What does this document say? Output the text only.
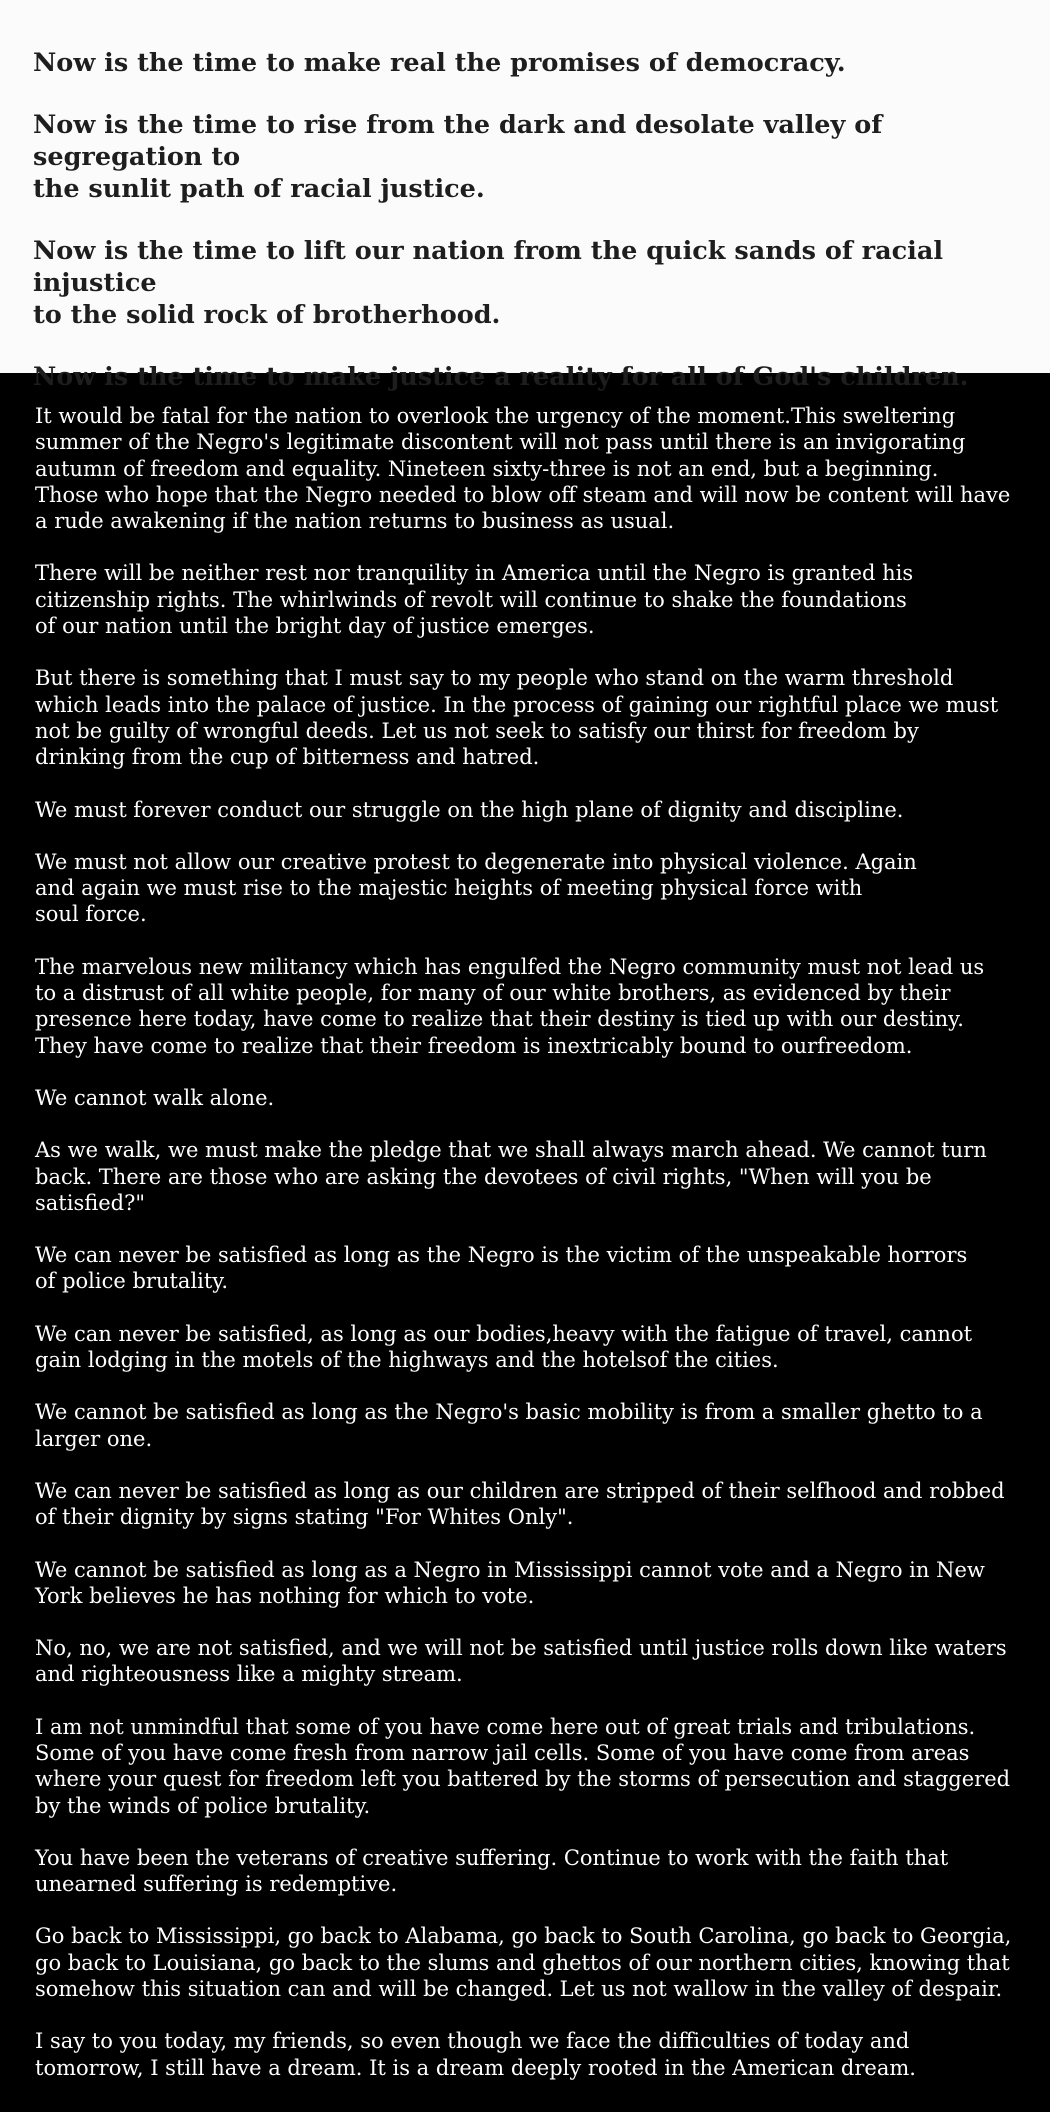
Now is the time to make real the promises of democracy.

Now is the time to rise from the dark and desolate valley of segregation to
the sunlit path of racial justice.

Now is the time to lift our nation from the quick sands of racial injustice
to the solid rock of brotherhood.

Now is the time to make justice a reality for all of God's children.

It would be fatal for the nation to overlook the urgency of the moment.This sweltering
summer of the Negro's legitimate discontent will not pass until there is an invigorating
autumn of freedom and equality. Nineteen sixty-three is not an end, but a beginning.
Those who hope that the Negro needed to blow off steam and will now be content will have
a rude awakening if the nation returns to business as usual.

There will be neither rest nor tranquility in America until the Negro is granted his
citizenship rights. The whirlwinds of revolt will continue to shake the foundations
of our nation until the bright day of justice emerges.

But there is something that I must say to my people who stand on the warm threshold
which leads into the palace of justice. In the process of gaining our rightful place we must
not be guilty of wrongful deeds. Let us not seek to satisfy our thirst for freedom by
drinking from the cup of bitterness and hatred.

We must forever conduct our struggle on the high plane of dignity and discipline.

We must not allow our creative protest to degenerate into physical violence. Again
and again we must rise to the majestic heights of meeting physical force with
soul force.

The marvelous new militancy which has engulfed the Negro community must not lead us
to a distrust of all white people, for many of our white brothers, as evidenced by their
presence here today, have come to realize that their destiny is tied up with our destiny.
They have come to realize that their freedom is inextricably bound to ourfreedom.

We cannot walk alone.

As we walk, we must make the pledge that we shall always march ahead. We cannot turn
back. There are those who are asking the devotees of civil rights, "When will you be
satisfied?"

We can never be satisfied as long as the Negro is the victim of the unspeakable horrors
of police brutality.

We can never be satisfied, as long as our bodies,heavy with the fatigue of travel, cannot
gain lodging in the motels of the highways and the hotelsof the cities.

We cannot be satisfied as long as the Negro's basic mobility is from a smaller ghetto to a
larger one.

We can never be satisfied as long as our children are stripped of their selfhood and robbed
of their dignity by signs stating "For Whites Only".

We cannot be satisfied as long as a Negro in Mississippi cannot vote and a Negro in New
York believes he has nothing for which to vote.

No, no, we are not satisfied, and we will not be satisfied until justice rolls down like waters
and righteousness like a mighty stream.

I am not unmindful that some of you have come here out of great trials and tribulations.
Some of you have come fresh from narrow jail cells. Some of you have come from areas
where your quest for freedom left you battered by the storms of persecution and staggered
by the winds of police brutality.

You have been the veterans of creative suffering. Continue to work with the faith that
unearned suffering is redemptive.

Go back to Mississippi, go back to Alabama, go back to South Carolina, go back to Georgia,
go back to Louisiana, go back to the slums and ghettos of our northern cities, knowing that
somehow this situation can and will be changed. Let us not wallow in the valley of despair.

I say to you today, my friends, so even though we face the difficulties of today and
tomorrow, I still have a dream. It is a dream deeply rooted in the American dream.
